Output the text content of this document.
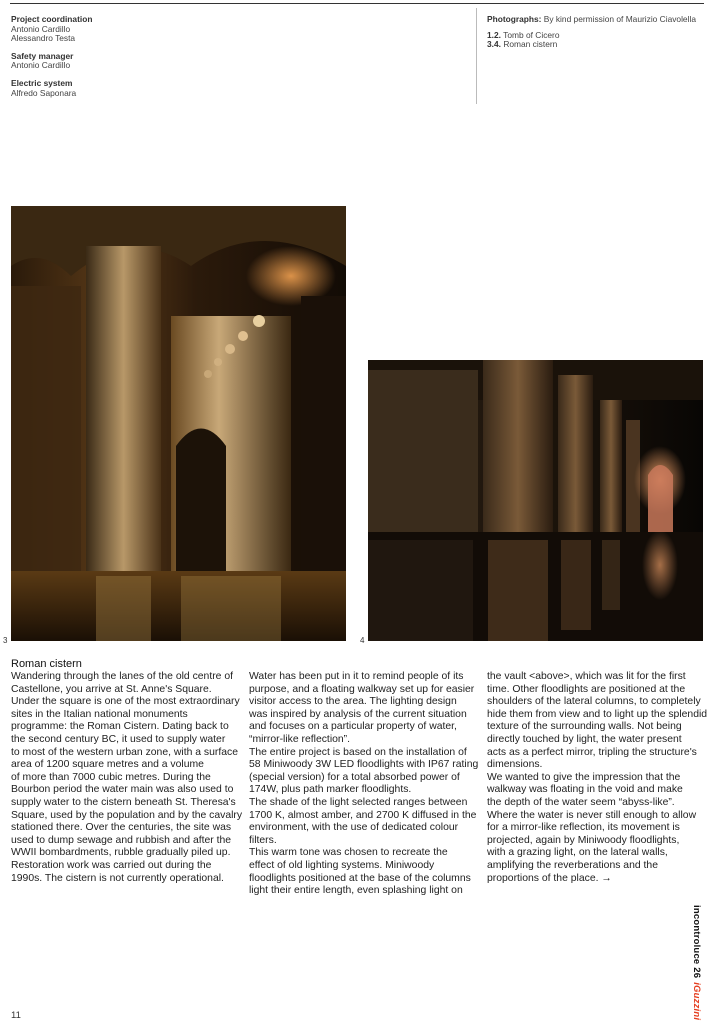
Project coordination
Antonio Cardillo
Alessandro Testa
Safety manager
Antonio Cardillo
Electric system
Alfredo Saponara
Photographs: By kind permission of Maurizio Ciavolella
1.2. Tomb of Cicero
3.4. Roman cistern
3	4
Roman cistern

Wandering through the lanes of the old centre of

Castellone, you arrive at St. Anne's Square.

Under the square is one of the most extraordinary

sites in the Italian national monuments

programme: the Roman Cistern. Dating back to

the second century BC, it used to supply water

to most of the western urban zone, with a surface

area of 1200 square metres and a volume

of more than 7000 cubic metres. During the

Bourbon period the water main was also used to

supply water to the cistern beneath St. Theresa's

Square, used by the population and by the cavalry

stationed there. Over the centuries, the site was

used to dump sewage and rubbish and after the

WWII bombardments, rubble gradually piled up.

Restoration work was carried out during the

1990s. The cistern is not currently operational.

Water has been put in it to remind people of its

purpose, and a floating walkway set up for easier

visitor access to the area. The lighting design

was inspired by analysis of the current situation

and focuses on a particular property of water,

“mirror-like reflection”.

The entire project is based on the installation of

58 Miniwoody 3W LED floodlights with IP67 rating

(special version) for a total absorbed power of

174W, plus path marker floodlights.

The shade of the light selected ranges between

1700 K, almost amber, and 2700 K diffused in the

environment, with the use of dedicated colour filters.

This warm tone was chosen to recreate the

effect of old lighting systems. Miniwoody

floodlights positioned at the base of the columns

light their entire length, even splashing light on

the vault <above>, which was lit for the first

time. Other floodlights are positioned at the

shoulders of the lateral columns, to completely

hide them from view and to light up the splendid

texture of the surrounding walls. Not being

directly touched by light, the water present

acts as a perfect mirror, tripling the structure's

dimensions.

We wanted to give the impression that the

walkway was floating in the void and make

the depth of the water seem “abyss-like”.

Where the water is never still enough to allow

for a mirror-like reflection, its movement is

projected, again by Miniwoody floodlights,

with a grazing light, on the lateral walls,

amplifying the reverberations and the

proportions of the place. →

incontroluce 26iGuzzini
11
